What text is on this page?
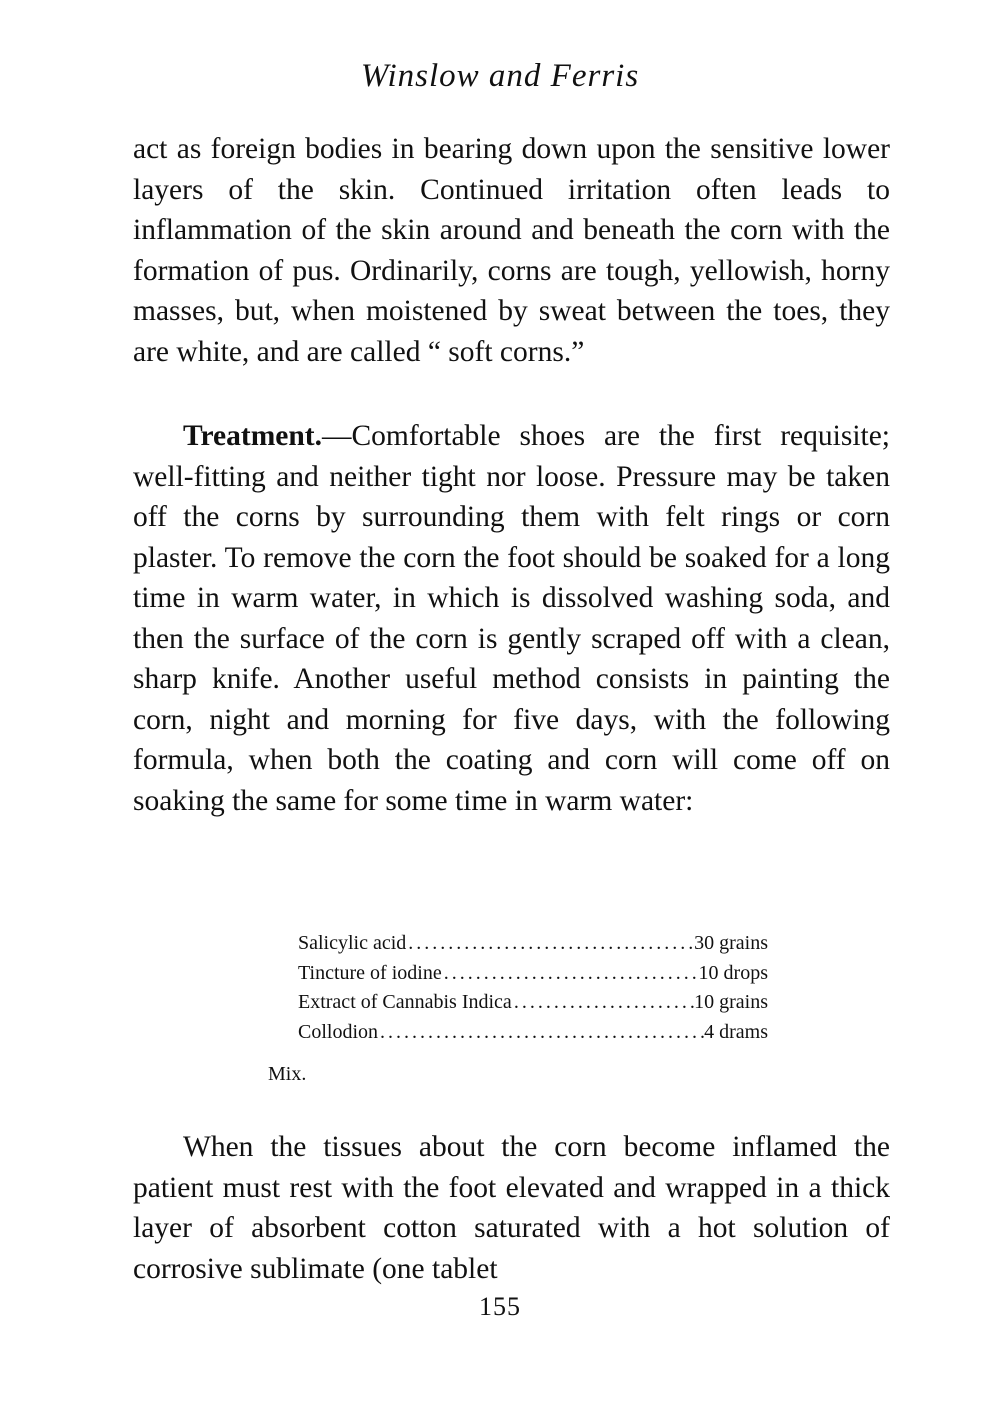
Winslow and Ferris

act as foreign bodies in bearing down upon the sensitive lower layers of the skin. Continued irritation often leads to inflammation of the skin around and beneath the corn with the formation of pus. Ordinarily, corns are tough, yellowish, horny masses, but, when moistened by sweat between the toes, they are white, and are called “ soft corns.”

Treatment.—Comfortable shoes are the first requisite; well-fitting and neither tight nor loose. Pressure may be taken off the corns by surrounding them with felt rings or corn plaster. To remove the corn the foot should be soaked for a long time in warm water, in which is dissolved washing soda, and then the surface of the corn is gently scraped off with a clean, sharp knife. Another useful method consists in painting the corn, night and morning for five days, with the following formula, when both the coating and corn will come off on soaking the same for some time in warm water:

Salicylic acid .....	30 grains
Tincture of iodine .....	10 drops
Extract of Cannabis Indica .....	10 grains
Collodion .....	4 drams
Mix.

When the tissues about the corn become inflamed the patient must rest with the foot elevated and wrapped in a thick layer of absorbent cotton saturated with a hot solution of corrosive sublimate (one tablet

155
